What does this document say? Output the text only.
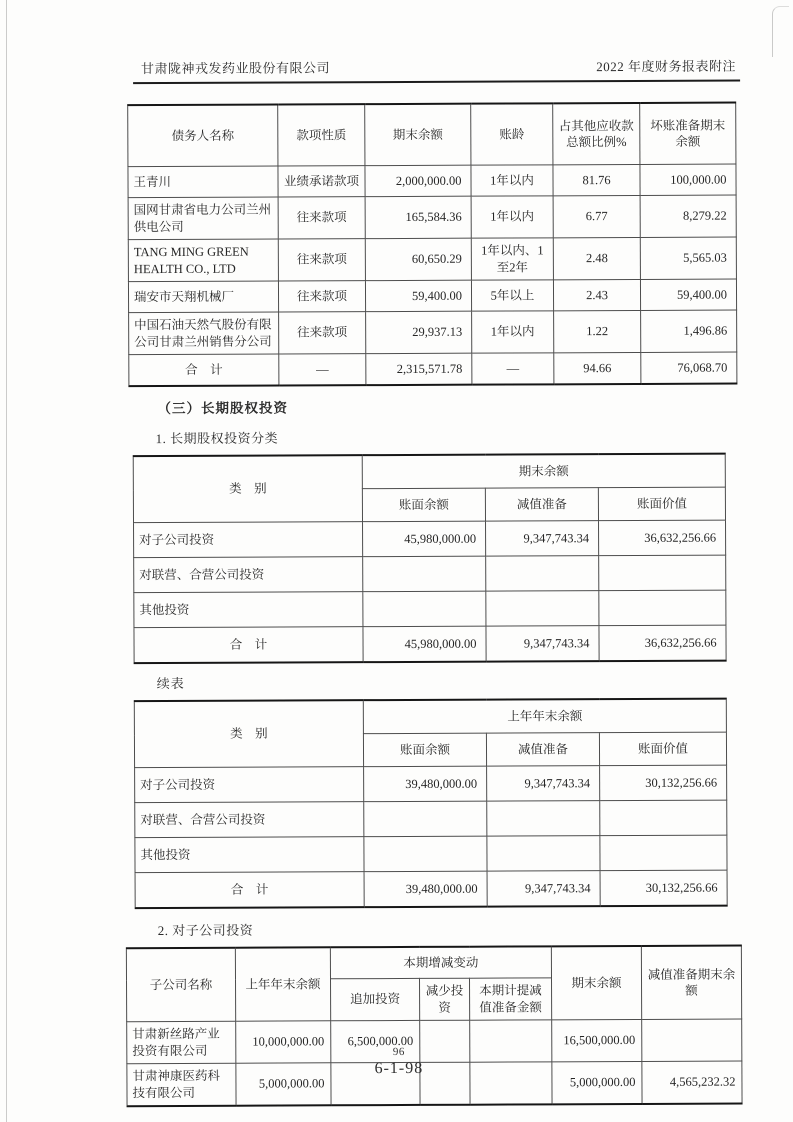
甘肃陇神戎发药业股份有限公司	2022 年度财务报表附注
债务人名称	款项性质	期末余额	账龄	占其他应收款总额比例%	坏账准备期末余额
王青川	业绩承诺款项	2,000,000.00	1年以内	81.76	100,000.00
国网甘肃省电力公司兰州供电公司	往来款项	165,584.36	1年以内	6.77	8,279.22
TANG MING GREEN HEALTH CO., LTD	往来款项	60,650.29	1年以内、1至2年	2.48	5,565.03
瑞安市天翔机械厂	往来款项	59,400.00	5年以上	2.43	59,400.00
中国石油天然气股份有限公司甘肃兰州销售分公司	往来款项	29,937.13	1年以内	1.22	1,496.86
合　计	—	2,315,571.78	—	94.66	76,068.70
（三）长期股权投资
1. 长期股权投资分类
类　别	期末余额		
	账面余额	减值准备	账面价值
对子公司投资	45,980,000.00	9,347,743.34	36,632,256.66
对联营、合营公司投资			
其他投资			
合　计	45,980,000.00	9,347,743.34	36,632,256.66
续表
类　别	上年年末余额		
	账面余额	减值准备	账面价值
对子公司投资	39,480,000.00	9,347,743.34	30,132,256.66
对联营、合营公司投资			
其他投资			
合　计	39,480,000.00	9,347,743.34	30,132,256.66
2. 对子公司投资
子公司名称	上年年末余额	本期增减变动			期末余额	减值准备期末余额
		追加投资	减少投资	本期计提减值准备金额		
甘肃新丝路产业投资有限公司	10,000,000.00	6,500,000.00			16,500,000.00	
甘肃神康医药科技有限公司	5,000,000.00				5,000,000.00	4,565,232.32
96
6-1-98
